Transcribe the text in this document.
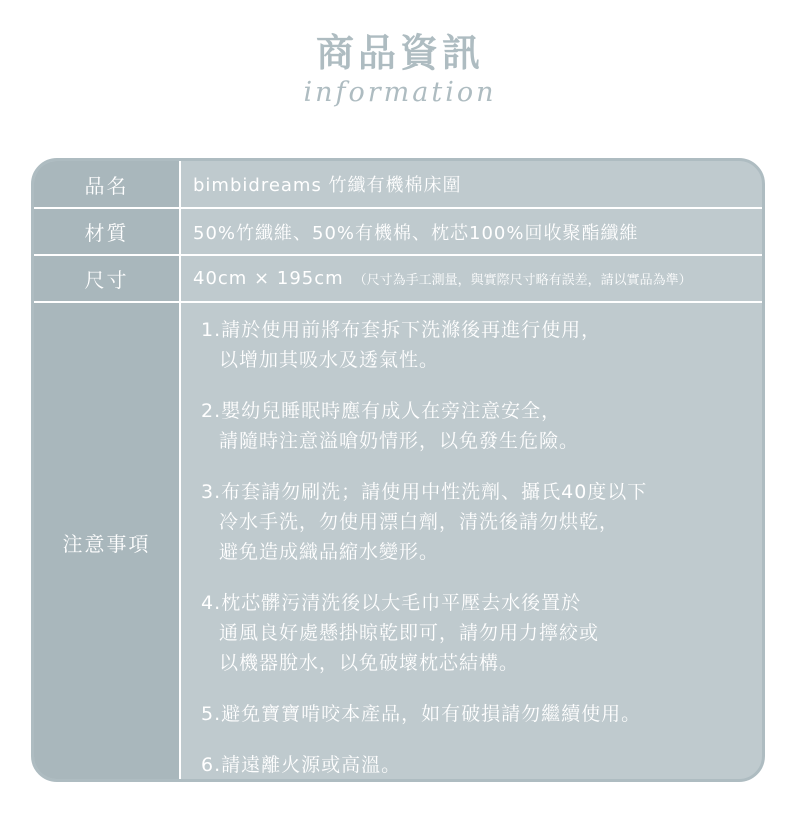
商品資訊
information
品名	bimbidreams 竹纖有機棉床圍
材質	50%竹纖維、50%有機棉、枕芯100%回收聚酯纖維
尺寸	40cm × 195cm （尺寸為手工測量，與實際尺寸略有誤差，請以實品為準）
注意事項
1.請於使用前將布套拆下洗滌後再進行使用，
以增加其吸水及透氣性。
2.嬰幼兒睡眠時應有成人在旁注意安全，
請隨時注意溢嗆奶情形，以免發生危險。
3.布套請勿刷洗；請使用中性洗劑、攝氏40度以下
冷水手洗，勿使用漂白劑，清洗後請勿烘乾，
避免造成織品縮水變形。
4.枕芯髒污清洗後以大毛巾平壓去水後置於
通風良好處懸掛晾乾即可，請勿用力擰絞或
以機器脫水，以免破壞枕芯結構。
5.避免寶寶啃咬本產品，如有破損請勿繼續使用。
6.請遠離火源或高溫。
